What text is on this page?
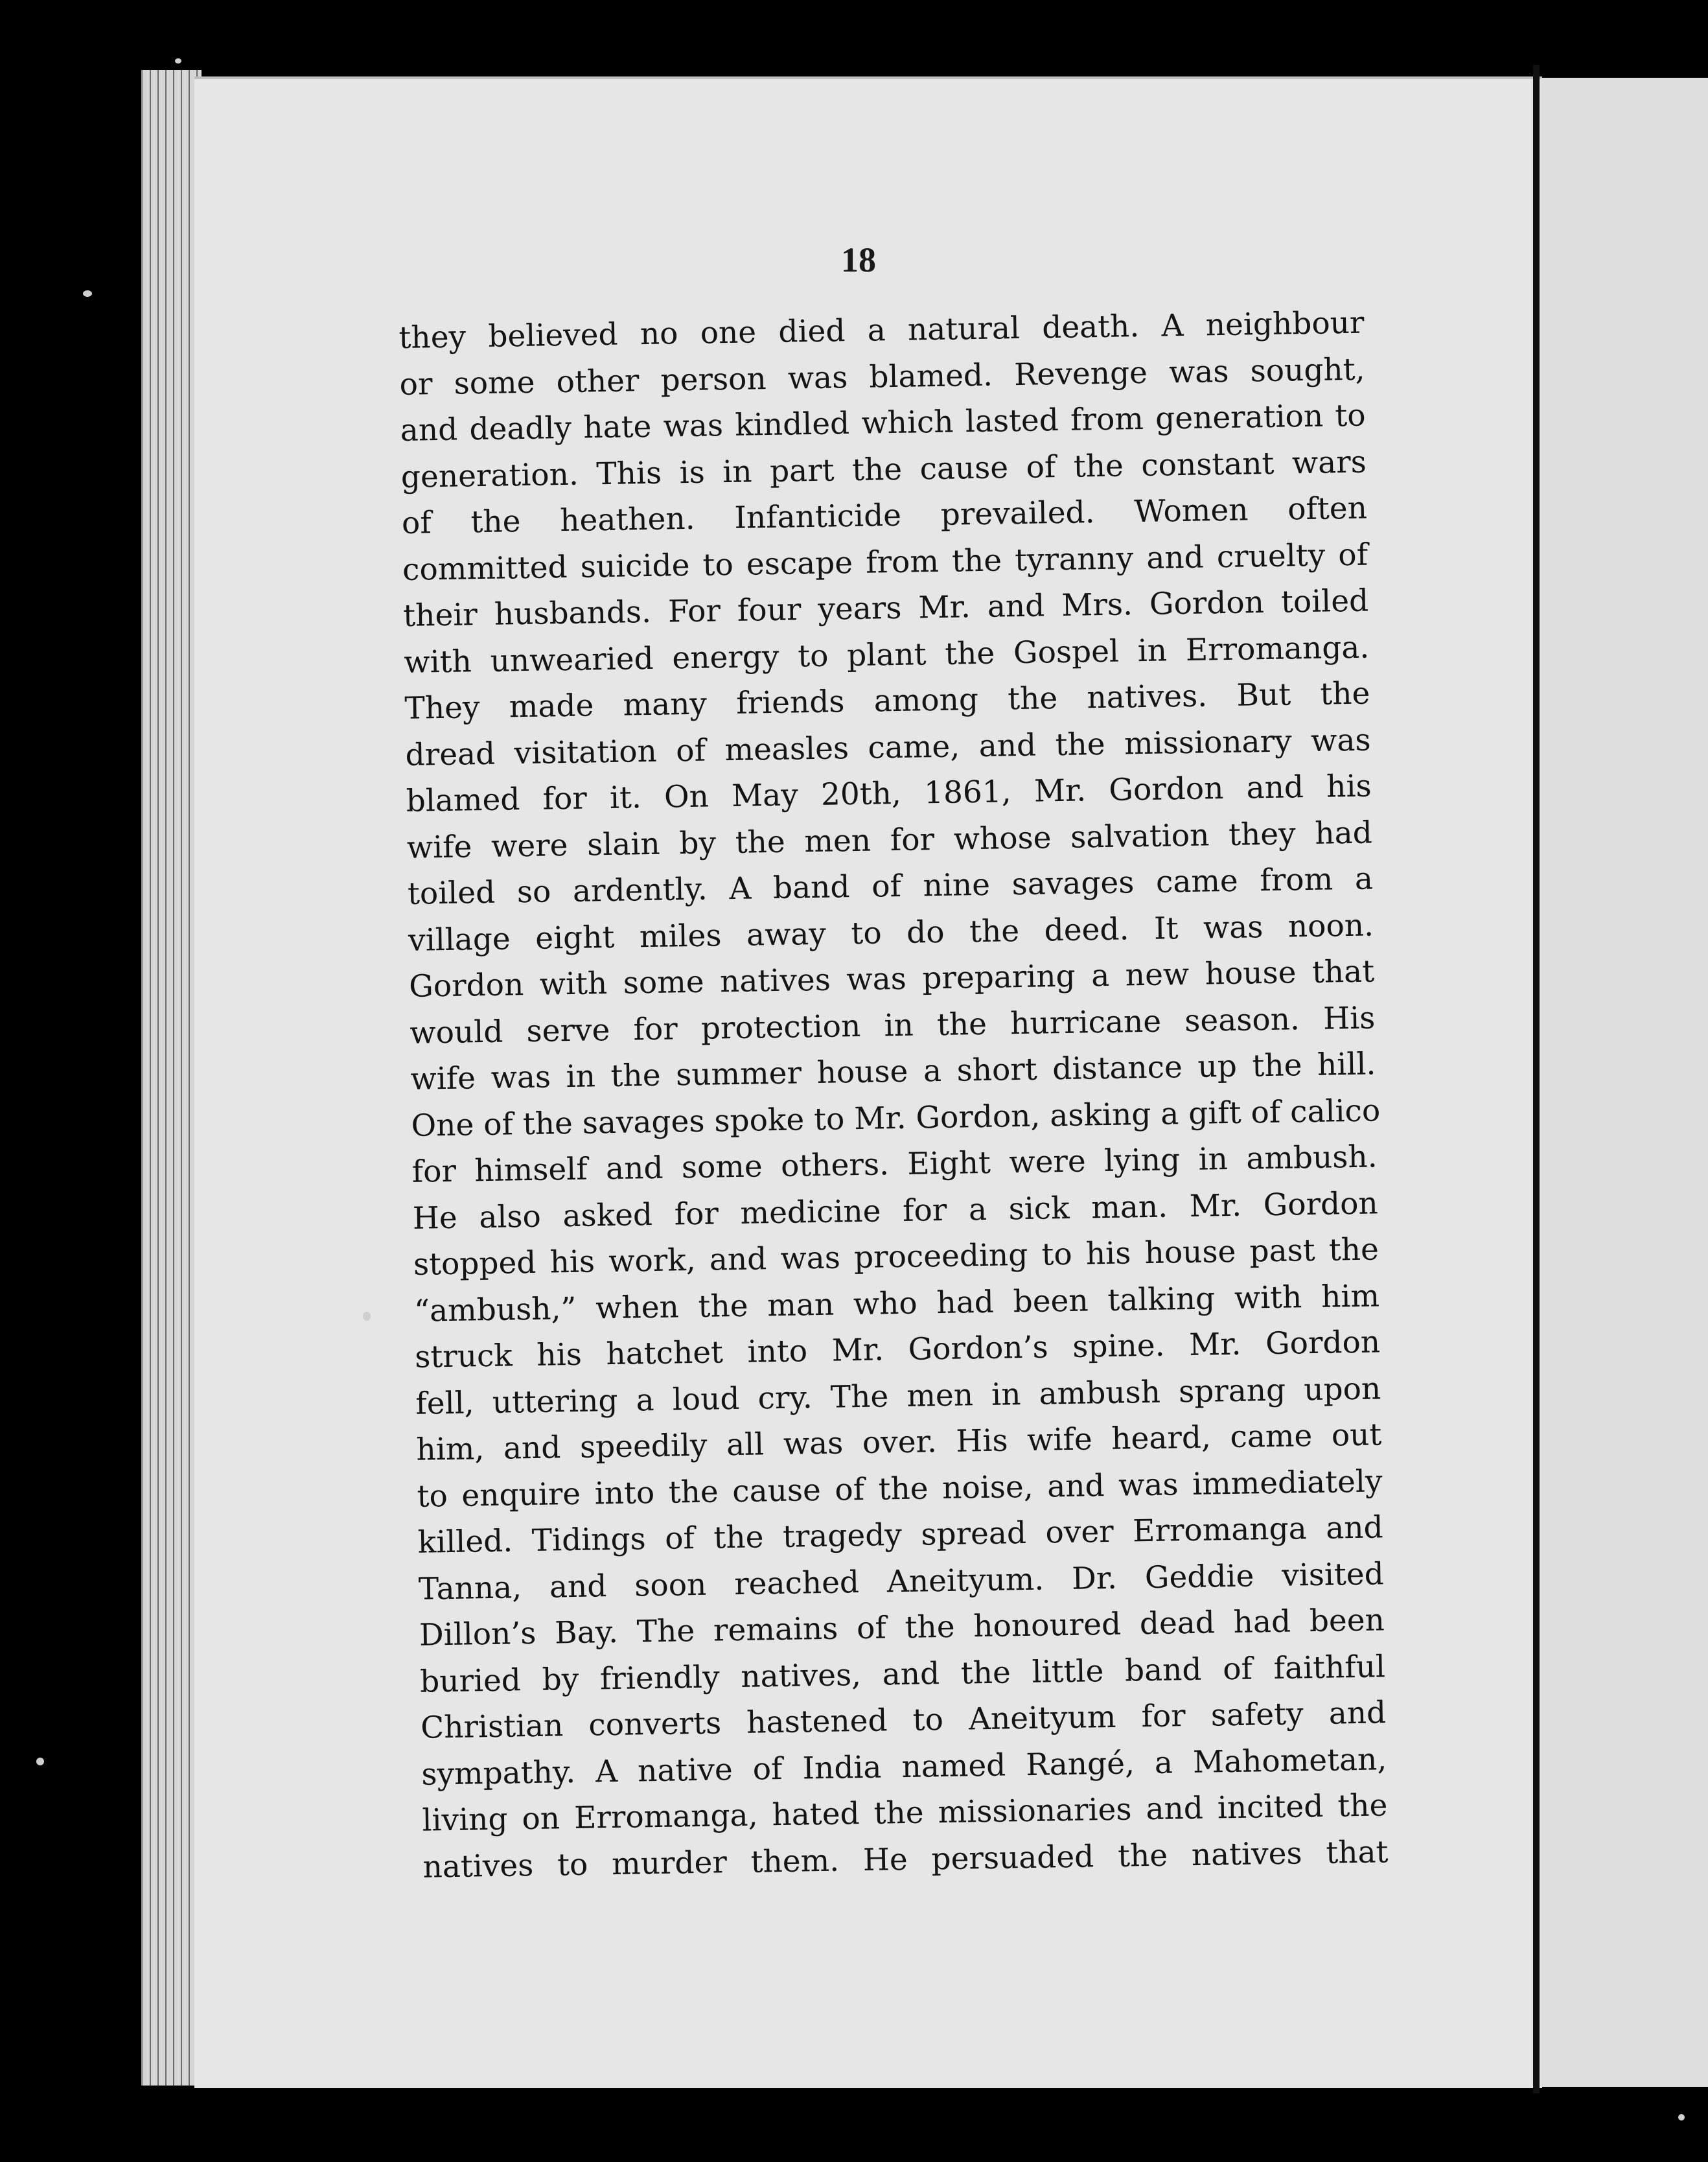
18
they believed no one died a natural death. A neighbour
or some other person was blamed. Revenge was sought,
and deadly hate was kindled which lasted from generation to
generation. This is in part the cause of the constant wars
of the heathen. Infanticide prevailed. Women often
committed suicide to escape from the tyranny and cruelty of
their husbands. For four years Mr. and Mrs. Gordon toiled
with unwearied energy to plant the Gospel in Erromanga.
They made many friends among the natives. But the
dread visitation of measles came, and the missionary was
blamed for it. On May 20th, 1861, Mr. Gordon and his
wife were slain by the men for whose salvation they had
toiled so ardently. A band of nine savages came from a
village eight miles away to do the deed. It was noon.
Gordon with some natives was preparing a new house that
would serve for protection in the hurricane season. His
wife was in the summer house a short distance up the hill.
One of the savages spoke to Mr. Gordon, asking a gift of calico
for himself and some others. Eight were lying in ambush.
He also asked for medicine for a sick man. Mr. Gordon
stopped his work, and was proceeding to his house past the
“ambush,” when the man who had been talking with him
struck his hatchet into Mr. Gordon’s spine. Mr. Gordon
fell, uttering a loud cry. The men in ambush sprang upon
him, and speedily all was over. His wife heard, came out
to enquire into the cause of the noise, and was immediately
killed. Tidings of the tragedy spread over Erromanga and
Tanna, and soon reached Aneityum. Dr. Geddie visited
Dillon’s Bay. The remains of the honoured dead had been
buried by friendly natives, and the little band of faithful
Christian converts hastened to Aneityum for safety and
sympathy. A native of India named Rangé, a Mahometan,
living on Erromanga, hated the missionaries and incited the
natives to murder them. He persuaded the natives that
